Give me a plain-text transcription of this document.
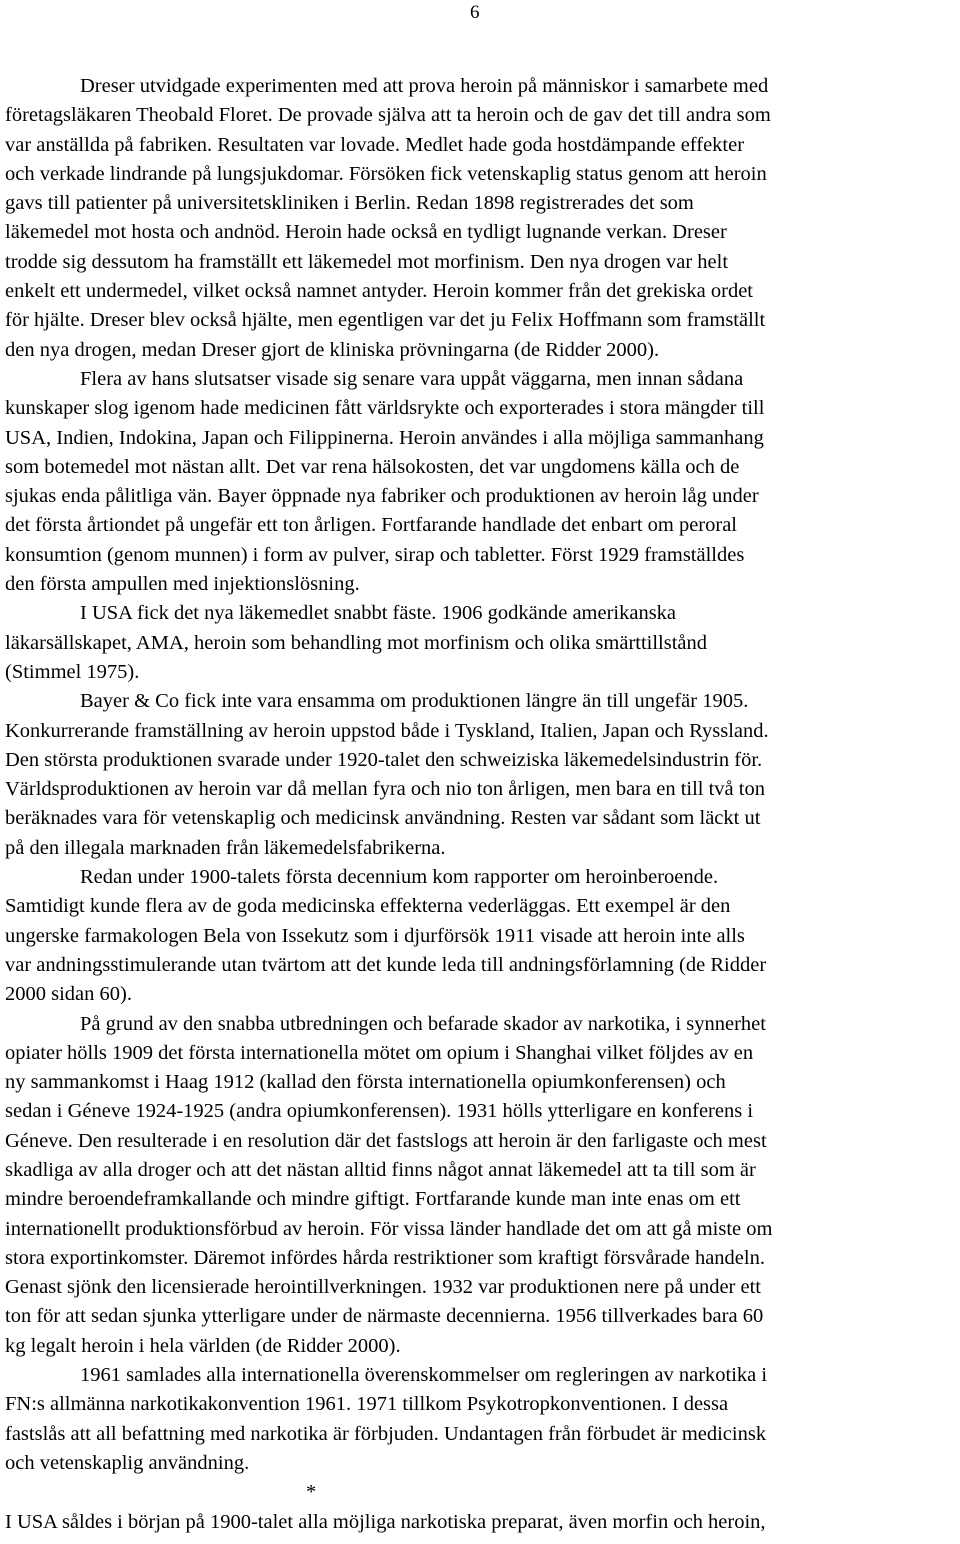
6
Dreser utvidgade experimenten med att prova heroin på människor i samarbete med
företagsläkaren Theobald Floret. De provade själva att ta heroin och de gav det till andra som
var anställda på fabriken. Resultaten var lovade. Medlet hade goda hostdämpande effekter
och verkade lindrande på lungsjukdomar. Försöken fick vetenskaplig status genom att heroin
gavs till patienter på universitetskliniken i Berlin. Redan 1898 registrerades det som
läkemedel mot hosta och andnöd. Heroin hade också en tydligt lugnande verkan. Dreser
trodde sig dessutom ha framställt ett läkemedel mot morfinism. Den nya drogen var helt
enkelt ett undermedel, vilket också namnet antyder. Heroin kommer från det grekiska ordet
för hjälte. Dreser blev också hjälte, men egentligen var det ju Felix Hoffmann som framställt
den nya drogen, medan Dreser gjort de kliniska prövningarna (de Ridder 2000).
Flera av hans slutsatser visade sig senare vara uppåt väggarna, men innan sådana
kunskaper slog igenom hade medicinen fått världsrykte och exporterades i stora mängder till
USA, Indien, Indokina, Japan och Filippinerna. Heroin användes i alla möjliga sammanhang
som botemedel mot nästan allt. Det var rena hälsokosten, det var ungdomens källa och de
sjukas enda pålitliga vän. Bayer öppnade nya fabriker och produktionen av heroin låg under
det första årtiondet på ungefär ett ton årligen. Fortfarande handlade det enbart om peroral
konsumtion (genom munnen) i form av pulver, sirap och tabletter. Först 1929 framställdes
den första ampullen med injektionslösning.
I USA fick det nya läkemedlet snabbt fäste. 1906 godkände amerikanska
läkarsällskapet, AMA, heroin som behandling mot morfinism och olika smärttillstånd
(Stimmel 1975).
Bayer & Co fick inte vara ensamma om produktionen längre än till ungefär 1905.
Konkurrerande framställning av heroin uppstod både i Tyskland, Italien, Japan och Ryssland.
Den största produktionen svarade under 1920-talet den schweiziska läkemedelsindustrin för.
Världsproduktionen av heroin var då mellan fyra och nio ton årligen, men bara en till två ton
beräknades vara för vetenskaplig och medicinsk användning. Resten var sådant som läckt ut
på den illegala marknaden från läkemedelsfabrikerna.
Redan under 1900-talets första decennium kom rapporter om heroinberoende.
Samtidigt kunde flera av de goda medicinska effekterna vederläggas. Ett exempel är den
ungerske farmakologen Bela von Issekutz som i djurförsök 1911 visade att heroin inte alls
var andningsstimulerande utan tvärtom att det kunde leda till andningsförlamning (de Ridder
2000 sidan 60).
På grund av den snabba utbredningen och befarade skador av narkotika, i synnerhet
opiater hölls 1909 det första internationella mötet om opium i Shanghai vilket följdes av en
ny sammankomst i Haag 1912 (kallad den första internationella opiumkonferensen) och
sedan i Géneve 1924-1925 (andra opiumkonferensen). 1931 hölls ytterligare en konferens i
Géneve. Den resulterade i en resolution där det fastslogs att heroin är den farligaste och mest
skadliga av alla droger och att det nästan alltid finns något annat läkemedel att ta till som är
mindre beroendeframkallande och mindre giftigt. Fortfarande kunde man inte enas om ett
internationellt produktionsförbud av heroin. För vissa länder handlade det om att gå miste om
stora exportinkomster. Däremot infördes hårda restriktioner som kraftigt försvårade handeln.
Genast sjönk den licensierade herointillverkningen. 1932 var produktionen nere på under ett
ton för att sedan sjunka ytterligare under de närmaste decennierna. 1956 tillverkades bara 60
kg legalt heroin i hela världen (de Ridder 2000).
1961 samlades alla internationella överenskommelser om regleringen av narkotika i
FN:s allmänna narkotikakonvention 1961. 1971 tillkom Psykotropkonventionen. I dessa
fastslås att all befattning med narkotika är förbjuden. Undantagen från förbudet är medicinsk
och vetenskaplig användning.
*
I USA såldes i början på 1900-talet alla möjliga narkotiska preparat, även morfin och heroin,
